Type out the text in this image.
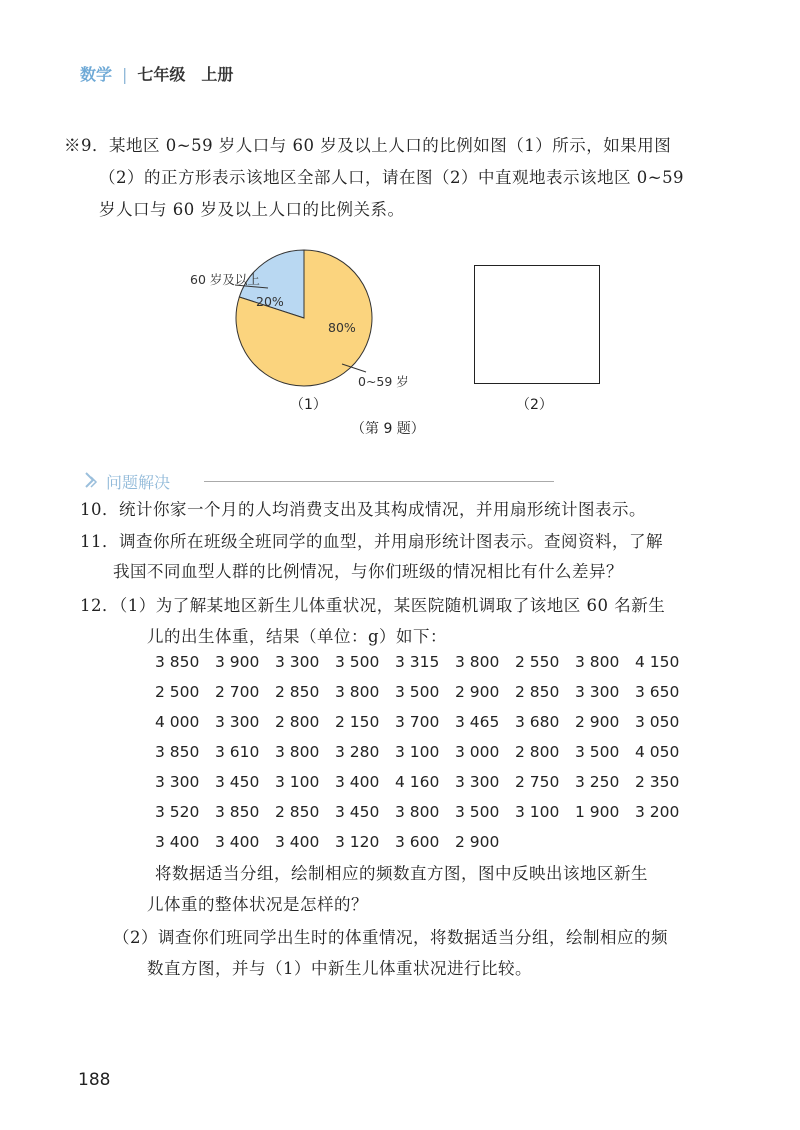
数学 | 七年级　上册
※9．某地区 0~59 岁人口与 60 岁及以上人口的比例如图（1）所示，如果用图
（2）的正方形表示该地区全部人口，请在图（2）中直观地表示该地区 0~59
岁人口与 60 岁及以上人口的比例关系。
60 岁及以上
20%
80%
0~59 岁
（1）	（2）
（第 9 题）
问题解决
10．统计你家一个月的人均消费支出及其构成情况，并用扇形统计图表示。
11．调查你所在班级全班同学的血型，并用扇形统计图表示。查阅资料，了解
我国不同血型人群的比例情况，与你们班级的情况相比有什么差异？
12．（1）为了解某地区新生儿体重状况，某医院随机调取了该地区 60 名新生
儿的出生体重，结果（单位：g）如下：
3 850	3 900	3 300	3 500	3 315	3 800	2 550	3 800	4 150
2 500	2 700	2 850	3 800	3 500	2 900	2 850	3 300	3 650
4 000	3 300	2 800	2 150	3 700	3 465	3 680	2 900	3 050
3 850	3 610	3 800	3 280	3 100	3 000	2 800	3 500	4 050
3 300	3 450	3 100	3 400	4 160	3 300	2 750	3 250	2 350
3 520	3 850	2 850	3 450	3 800	3 500	3 100	1 900	3 200
3 400	3 400	3 400	3 120	3 600	2 900			
将数据适当分组，绘制相应的频数直方图，图中反映出该地区新生
儿体重的整体状况是怎样的？
（2）调查你们班同学出生时的体重情况，将数据适当分组，绘制相应的频
数直方图，并与（1）中新生儿体重状况进行比较。
188
